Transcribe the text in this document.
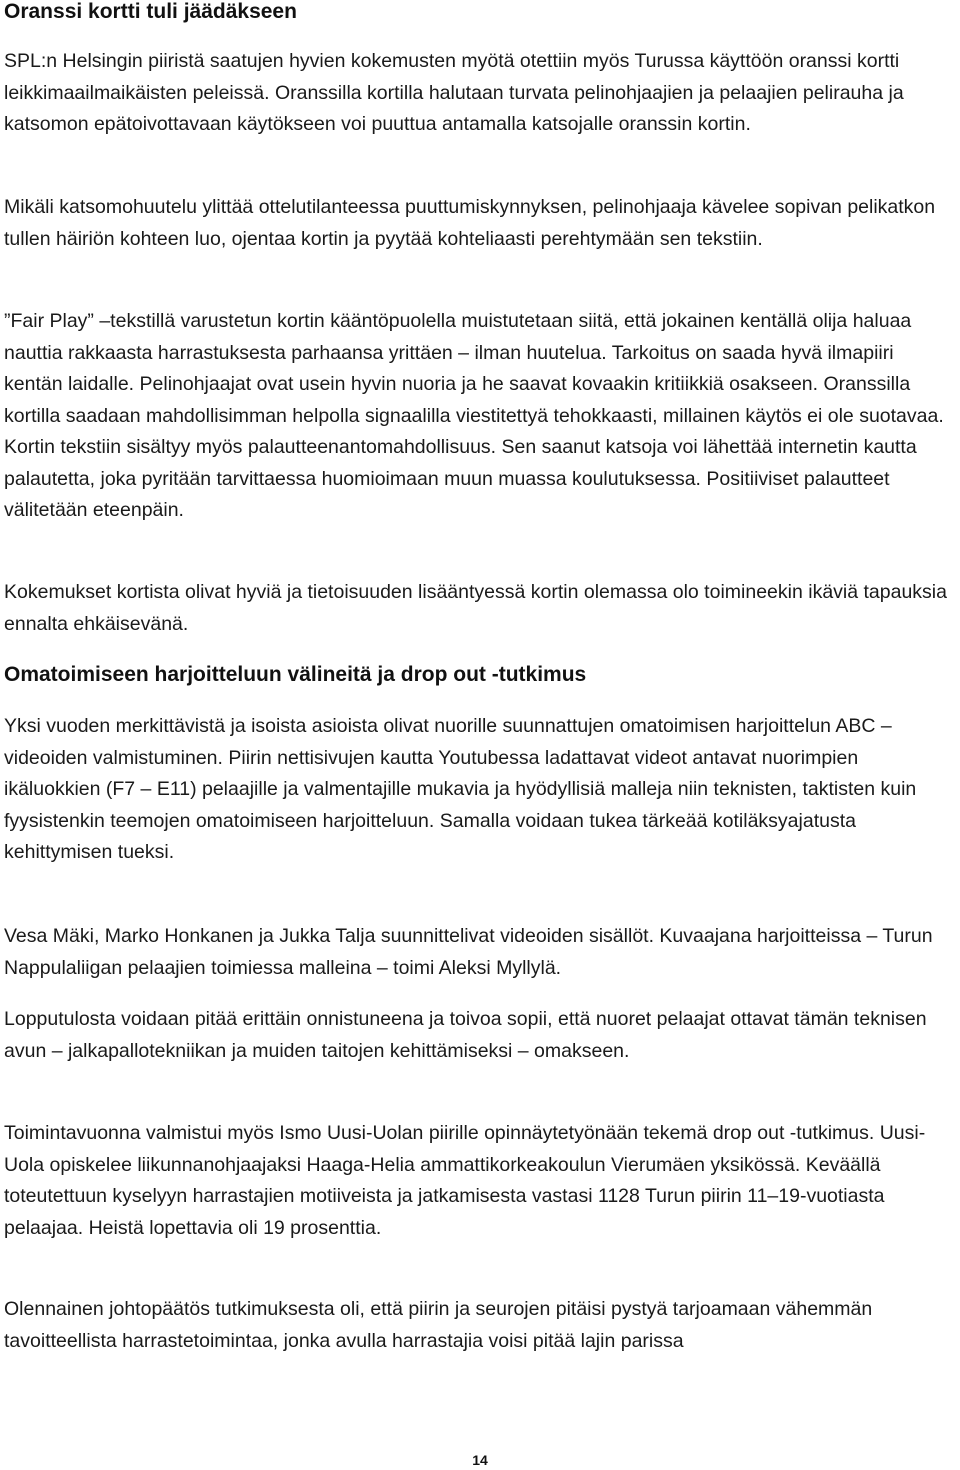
Oranssi kortti tuli jäädäkseen

SPL:n Helsingin piiristä saatujen hyvien kokemusten myötä otettiin myös Turussa käyttöön oranssi kortti leikkimaailmaikäisten peleissä. Oranssilla kortilla halutaan turvata pelinohjaajien ja pelaajien pelirauha ja katsomon epätoivottavaan käytökseen voi puuttua antamalla katsojalle oranssin kortin.

Mikäli katsomohuutelu ylittää ottelutilanteessa puuttumiskynnyksen, pelinohjaaja kävelee sopivan pelikatkon tullen häiriön kohteen luo, ojentaa kortin ja pyytää kohteliaasti perehtymään sen tekstiin.

”Fair Play” –tekstillä varustetun kortin kääntöpuolella muistutetaan siitä, että jokainen kentällä olija haluaa nauttia rakkaasta harrastuksesta parhaansa yrittäen – ilman huutelua. Tarkoitus on saada hyvä ilmapiiri kentän laidalle. Pelinohjaajat ovat usein hyvin nuoria ja he saavat kovaakin kritiikkiä osakseen. Oranssilla kortilla saadaan mahdollisimman helpolla signaalilla viestitettyä tehokkaasti, millainen käytös ei ole suotavaa. Kortin tekstiin sisältyy myös palautteenantomahdollisuus. Sen saanut katsoja voi lähettää internetin kautta palautetta, joka pyritään tarvittaessa huomioimaan muun muassa koulutuksessa. Positiiviset palautteet välitetään eteenpäin.

Kokemukset kortista olivat hyviä ja tietoisuuden lisääntyessä kortin olemassa olo toimineekin ikäviä tapauksia ennalta ehkäisevänä.

Omatoimiseen harjoitteluun välineitä ja drop out -tutkimus

Yksi vuoden merkittävistä ja isoista asioista olivat nuorille suunnattujen omatoimisen harjoittelun ABC –videoiden valmistuminen. Piirin nettisivujen kautta Youtubessa ladattavat videot antavat nuorimpien ikäluokkien (F7 – E11) pelaajille ja valmentajille mukavia ja hyödyllisiä malleja niin teknisten, taktisten kuin fyysistenkin teemojen omatoimiseen harjoitteluun. Samalla voidaan tukea tärkeää kotiläksyajatusta kehittymisen tueksi.

Vesa Mäki, Marko Honkanen ja Jukka Talja suunnittelivat videoiden sisällöt. Kuvaajana harjoitteissa – Turun Nappulaliigan pelaajien toimiessa malleina – toimi Aleksi Myllylä.

Lopputulosta voidaan pitää erittäin onnistuneena ja toivoa sopii, että nuoret pelaajat ottavat tämän teknisen avun – jalkapallotekniikan ja muiden taitojen kehittämiseksi – omakseen.

Toimintavuonna valmistui myös Ismo Uusi-Uolan piirille opinnäytetyönään tekemä drop out -tutkimus. Uusi-Uola opiskelee liikunnanohjaajaksi Haaga-Helia ammattikorkeakoulun Vierumäen yksikössä. Keväällä toteutettuun kyselyyn harrastajien motiiveista ja jatkamisesta vastasi 1128 Turun piirin 11–19-vuotiasta pelaajaa. Heistä lopettavia oli 19 prosenttia.

Olennainen johtopäätös tutkimuksesta oli, että piirin ja seurojen pitäisi pystyä tarjoamaan vähemmän tavoitteellista harrastetoimintaa, jonka avulla harrastajia voisi pitää lajin parissa

14
